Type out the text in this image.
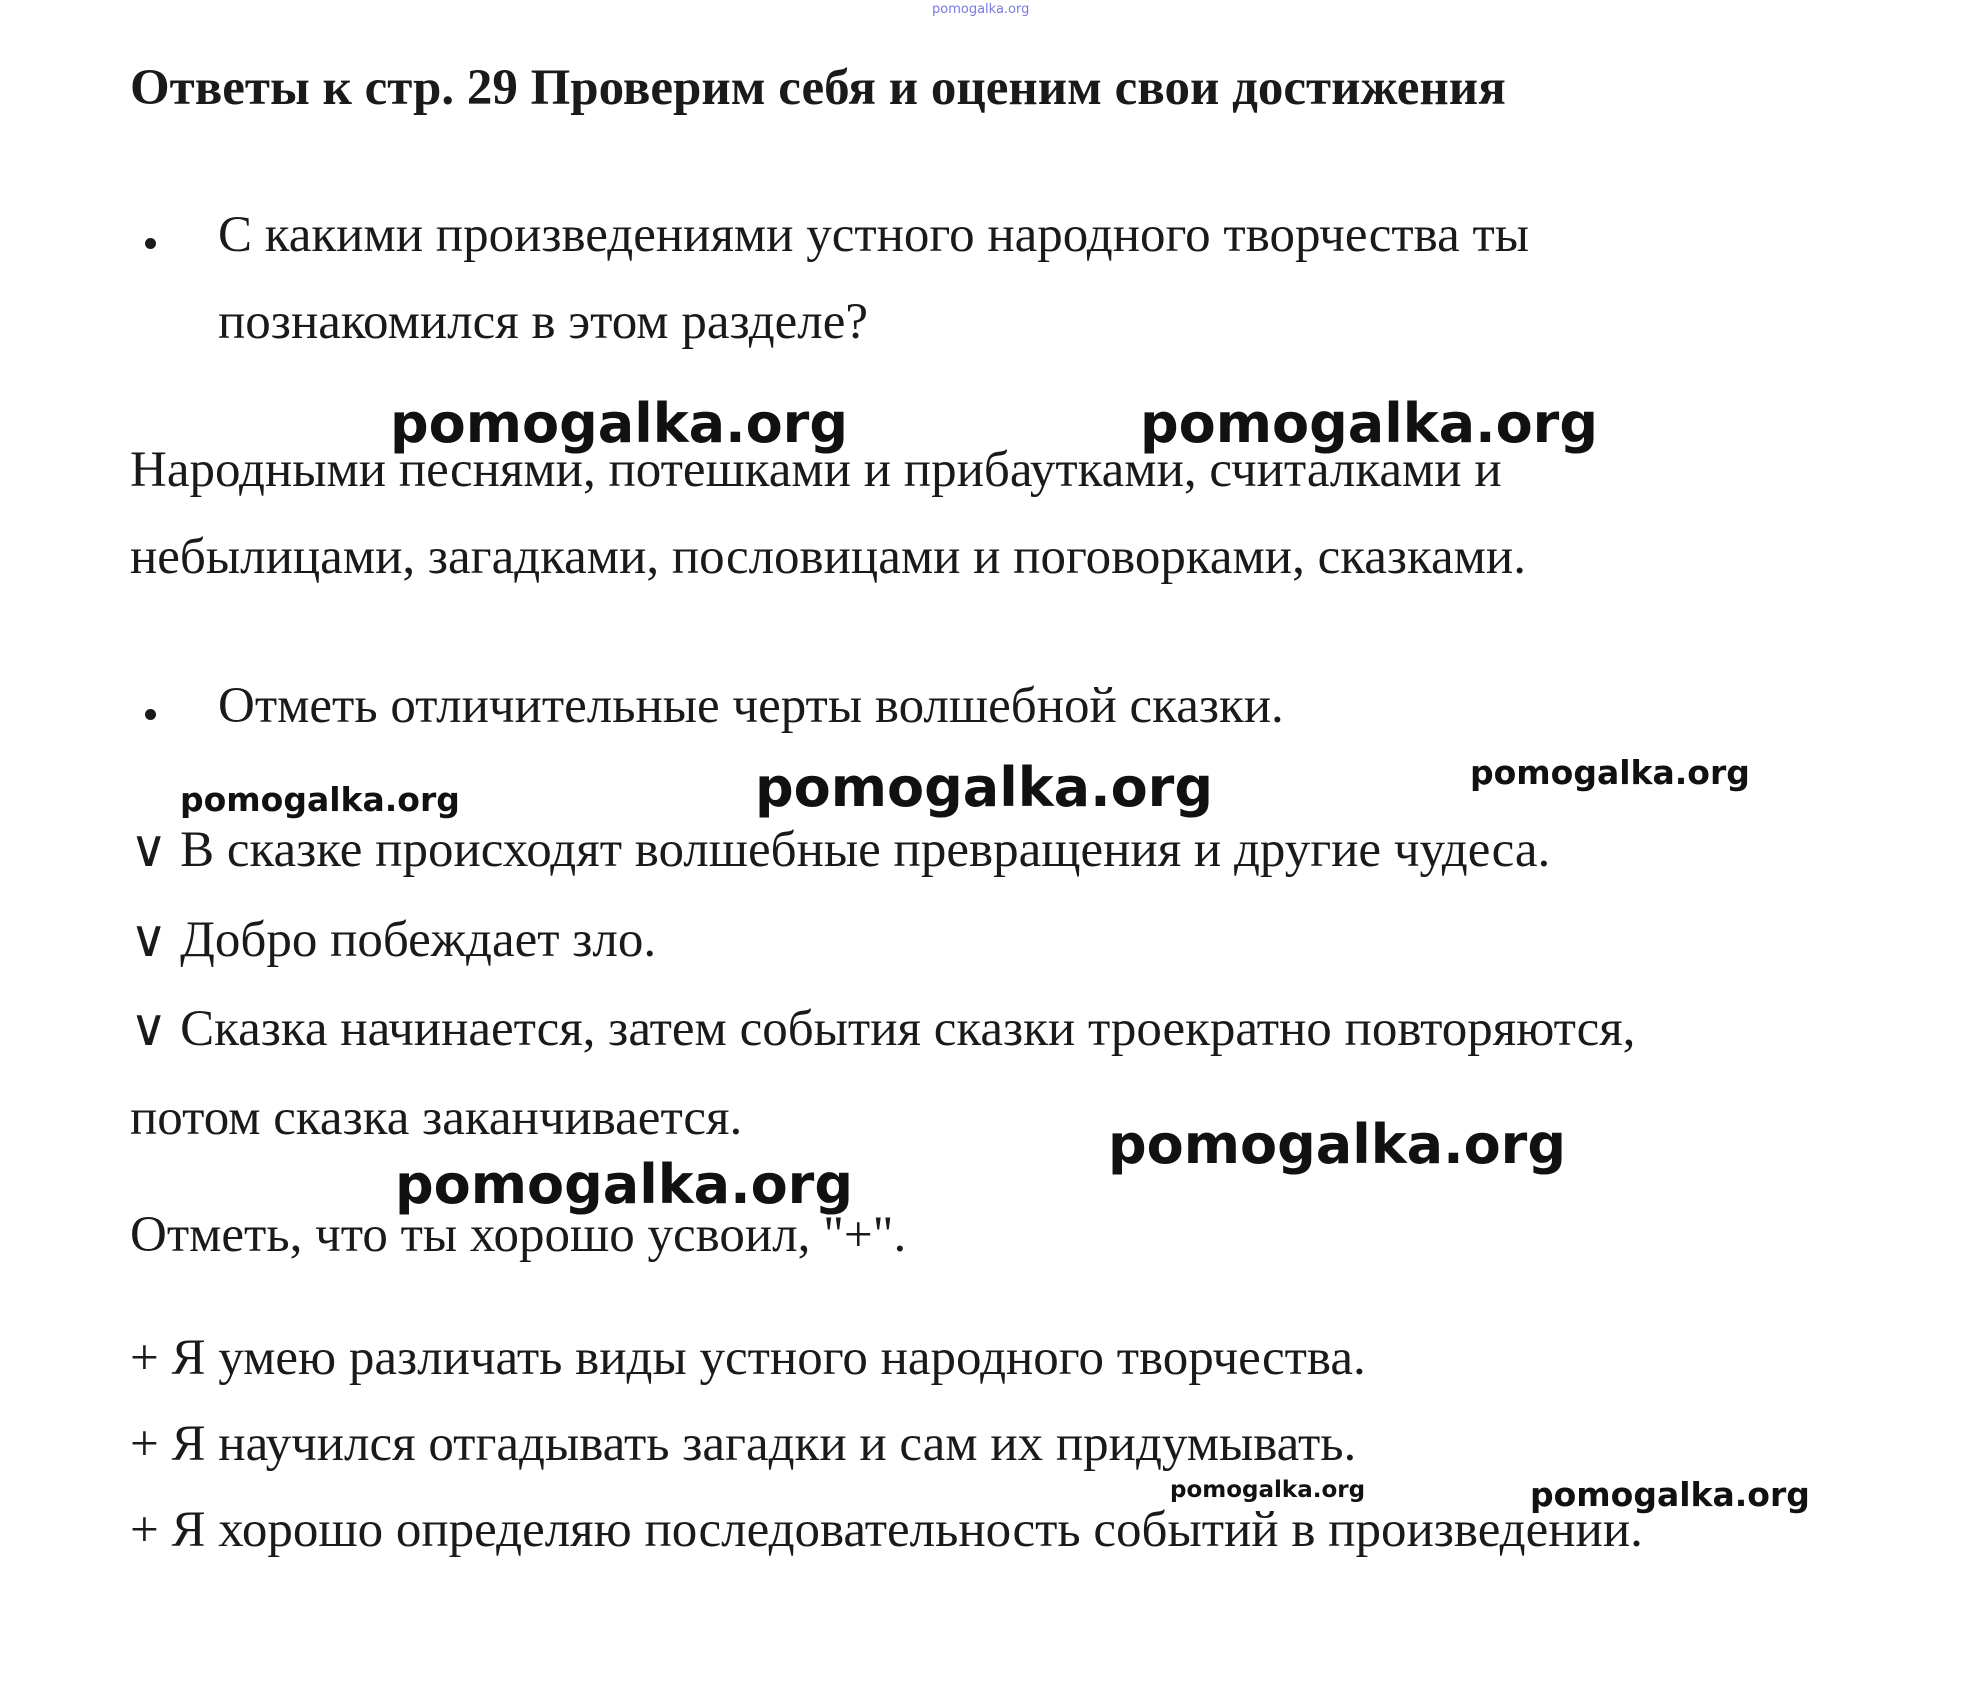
pomogalka.org
Ответы к стр. 29 Проверим себя и оценим свои достижения

С какими произведениями устного народного творчества ты

познакомился в этом разделе?

Народными песнями, потешками и прибаутками, считалками и

небылицами, загадками, пословицами и поговорками, сказками.

Отметь отличительные черты волшебной сказки.

∨ В сказке происходят волшебные превращения и другие чудеса.

∨ Добро побеждает зло.

∨ Сказка начинается, затем события сказки троекратно повторяются,

потом сказка заканчивается.

Отметь, что ты хорошо усвоил, "+".

+ Я умею различать виды устного народного творчества.

+ Я научился отгадывать загадки и сам их придумывать.

+ Я хорошо определяю последовательность событий в произведении.

pomogalka.org	pomogalka.org
pomogalka.org
pomogalka.org
pomogalka.org
pomogalka.org
pomogalka.org
pomogalka.org	pomogalka.org
